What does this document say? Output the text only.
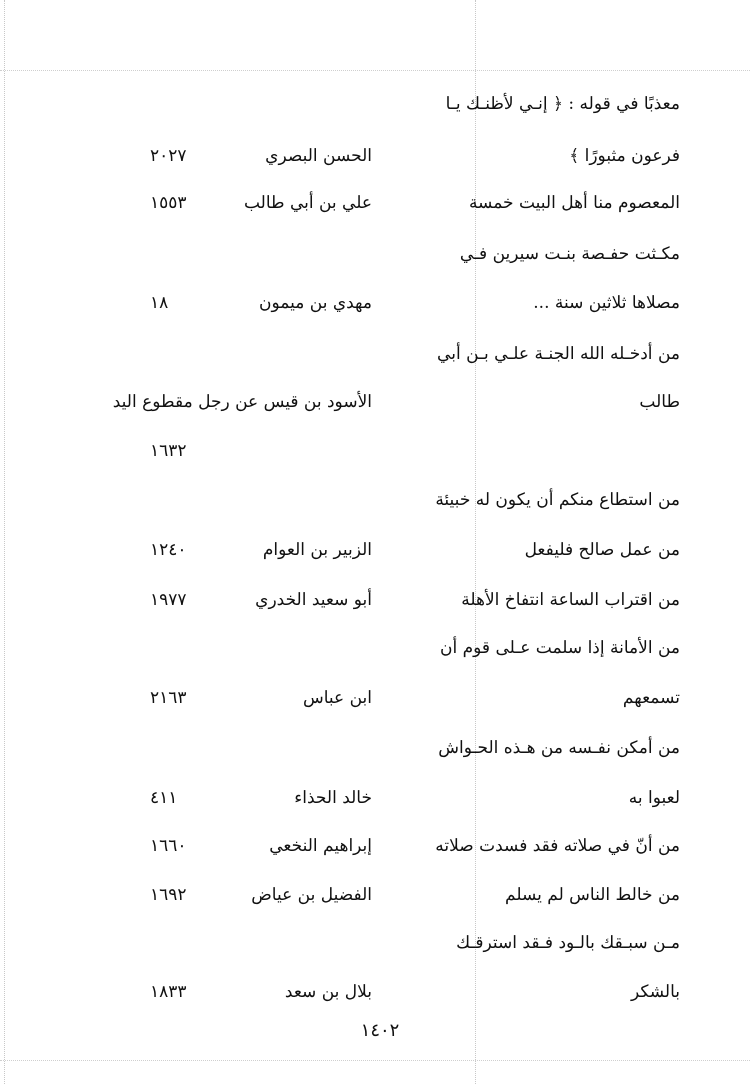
معذبًا في قوله : ﴿ إنـي لأظنـك يـا
فرعون مثبورًا ﴾
الحسن البصري
٢٠٢٧
المعصوم منا أهل البيت خمسة
علي بن أبي طالب
١٥٥٣
مكـثت حفـصة بنـت سيرين فـي
مصلاها ثلاثين سنة ...
مهدي بن ميمون
١٨
من أدخـله الله الجنـة علـي بـن أبي
طالب
الأسود بن قيس عن رجل مقطوع اليد
١٦٣٢
من استطاع منكم أن يكون له خبيئة
من عمل صالح فليفعل
الزبير بن العوام
١٢٤٠
من اقتراب الساعة انتفاخ الأهلة
أبو سعيد الخدري
١٩٧٧
من الأمانة إذا سلمت عـلى قوم أن
تسمعهم
ابن عباس
٢١٦٣
من أمكن نفـسه من هـذه الحـواش
لعبوا به
خالد الحذاء
٤١١
من أنّ في صلاته فقد فسدت صلاته
إبراهيم النخعي
١٦٦٠
من خالط الناس لم يسلم
الفضيل بن عياض
١٦٩٢
مـن سبـقك بالـود فـقد استرقـك
بالشكر
بلال بن سعد
١٨٣٣
١٤٠٢
